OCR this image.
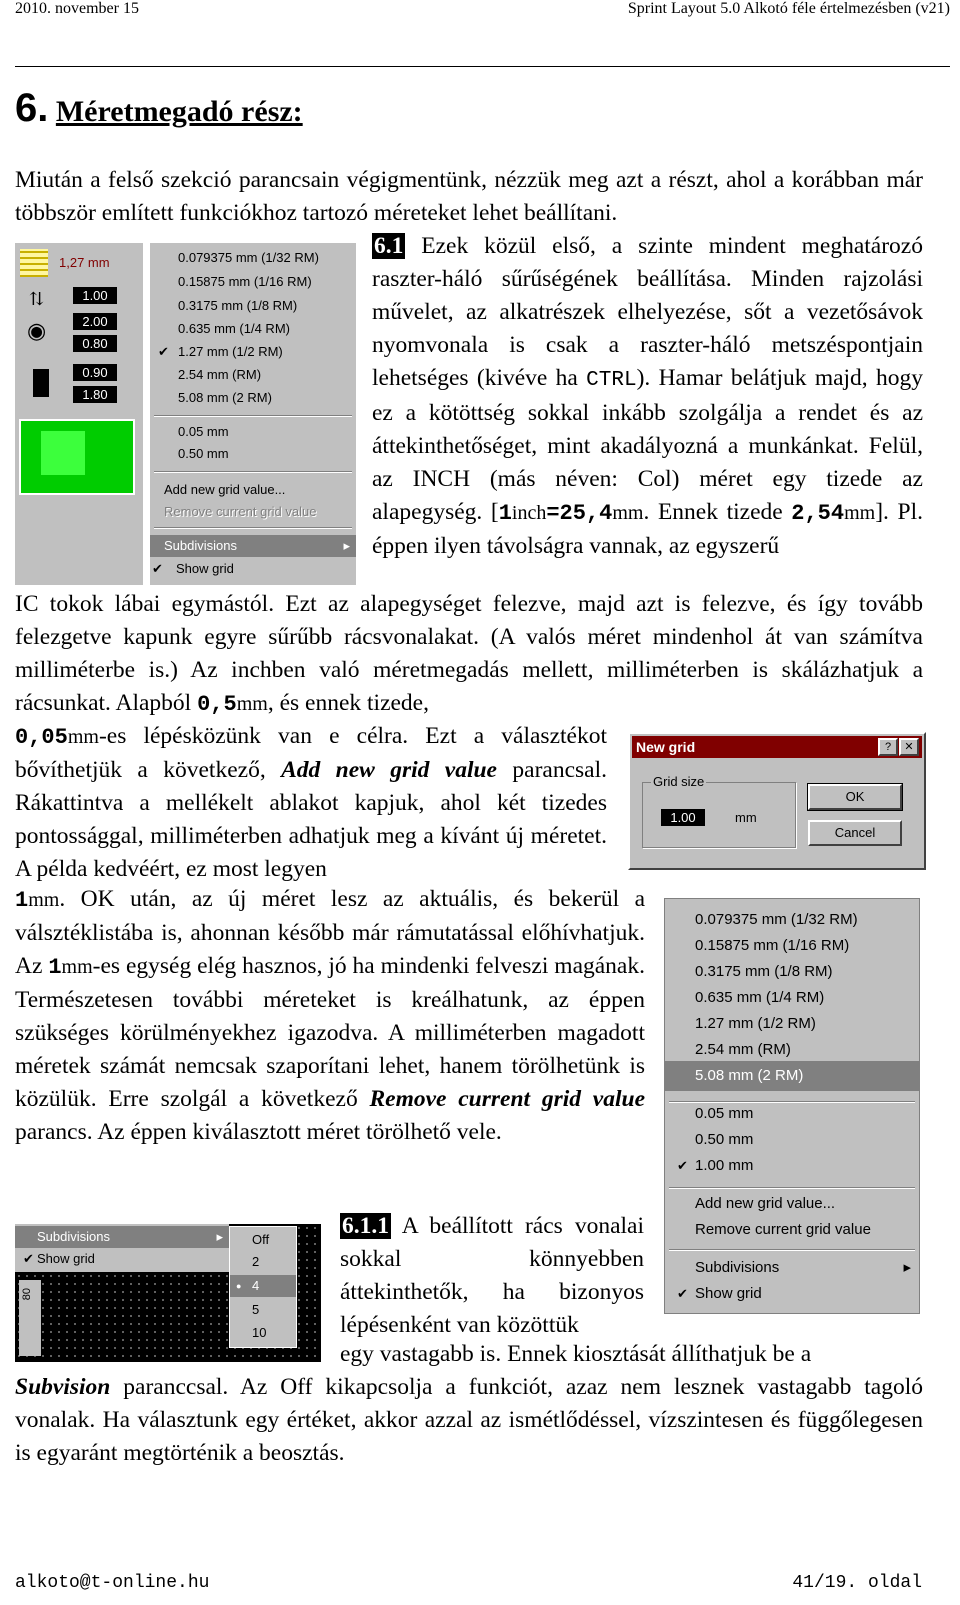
2010. november 15	Sprint Layout 5.0 Alkotó féle értelmezésben (v21)
6. Méretmegadó rész:
Miután a felső szekció parancsain végigmentünk, nézzük meg azt a részt, ahol a korábban már többször említett funkciókhoz tartozó méreteket lehet beállítani.
1,27 mm
⇅	1.00
◉	2.00
0.80
0.90
1.80
0.079375 mm (1/32 RM)
0.15875 mm (1/16 RM)
0.3175 mm (1/8 RM)
0.635 mm (1/4 RM)
✔ 1.27 mm (1/2 RM)
2.54 mm (RM)
5.08 mm (2 RM)
0.05 mm
0.50 mm
Add new grid value...
Remove current grid value
Subdivisions	▸
✔ Show grid
6.1 Ezek közül első, a szinte mindent meghatározó raszter-háló sűrűségének beállítása. Minden rajzolási művelet, az alkatrészek elhelyezése, sőt a vezetősávok nyomvonala is csak a raszter-háló metszéspontjain lehetséges (kivéve ha CTRL). Hamar belátjuk majd, hogy ez a kötöttség sokkal inkább szolgálja a rendet és az áttekinthetőséget, mint akadályozná a munkánkat. Felül, az INCH (más néven: Col) méret egy tizede az alapegység. [1inch=25,4mm. Ennek tizede 2,54mm]. Pl. éppen ilyen távolságra vannak, az egyszerű
IC tokok lábai egymástól. Ezt az alapegységet felezve, majd azt is felezve, és így tovább felezgetve kapunk egyre sűrűbb rácsvonalakat. (A valós méret mindenhol át van számítva milliméterbe is.) Az inchben való méretmegadás mellett, milliméterben is skálázhatjuk a rácsunkat. Alapból 0,5mm, és ennek tizede,
0,05mm-es lépésközünk van e célra. Ezt a választékot bővíthetjük a következő, Add new grid value parancsal. Rákattintva a mellékelt ablakot kapjuk, ahol két tizedes pontossággal, milliméterben adhatjuk meg a kívánt új méretet. A példa kedvéért, ez most legyen
New grid	?	✕
Grid size
1.00	mm
OK
Cancel
1mm. OK után, az új méret lesz az aktuális, és bekerül a válsztéklistába is, ahonnan később már rámutatással előhívhatjuk. Az 1mm-es egység elég hasznos, jó ha mindenki felveszi magának. Természetesen további méreteket is kreálhatunk, az éppen szükséges körülményekhez igazodva. A milliméterben magadott méretek számát nemcsak szaporítani lehet, hanem törölhetünk is közülük. Erre szolgál a következő Remove current grid value parancs. Az éppen kiválasztott méret törölhető vele.
0.079375 mm (1/32 RM)
0.15875 mm (1/16 RM)
0.3175 mm (1/8 RM)
0.635 mm (1/4 RM)
1.27 mm (1/2 RM)
2.54 mm (RM)
5.08 mm (2 RM)
0.05 mm
0.50 mm
✔ 1.00 mm
Add new grid value...
Remove current grid value
Subdivisions	▸
✔ Show grid
Subdivisions	▸
✔ Show grid
80
Off
2
● 4
5
10
6.1.1 A beállított rács vonalai sokkal könnyebben áttekinthetők, ha bizonyos lépésenként van közöttük
egy vastagabb is. Ennek kiosztását állíthatjuk be a
Subvision paranccsal. Az Off kikapcsolja a funkciót, azaz nem lesznek vastagabb tagoló vonalak. Ha választunk egy értéket, akkor azzal az ismétlődéssel, vízszintesen és függőlegesen is egyaránt megtörténik a beosztás.
alkoto@t-online.hu	41/19. oldal
